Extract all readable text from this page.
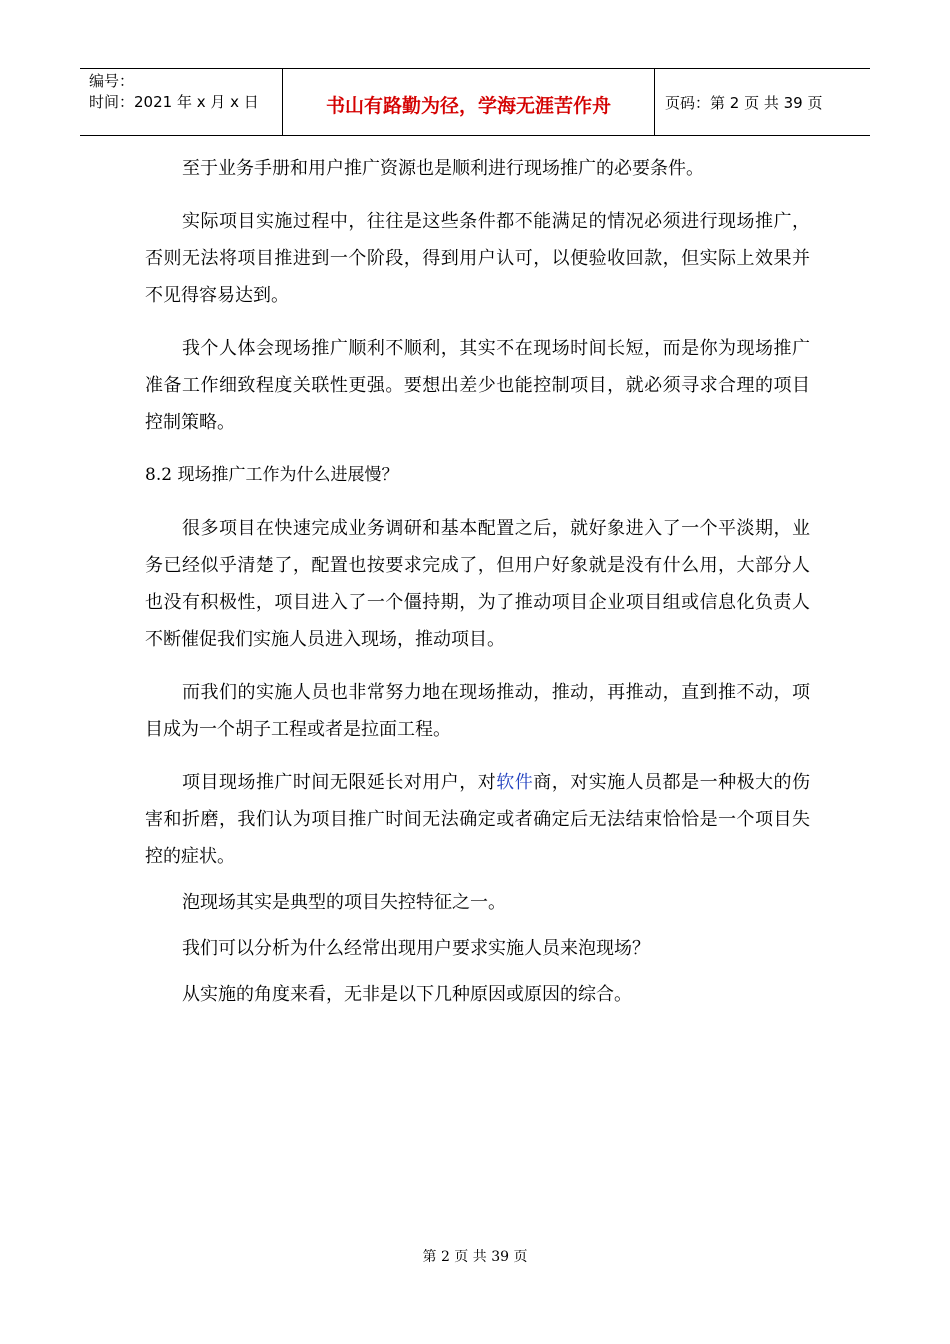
编号：
时间：2021 年 x 月 x 日	书山有路勤为径，学海无涯苦作舟	页码：第 2 页 共 39 页

至于业务手册和用户推广资源也是顺利进行现场推广的必要条件。

实际项目实施过程中，往往是这些条件都不能满足的情况必须进行现场推广，否则无法将项目推进到一个阶段，得到用户认可，以便验收回款，但实际上效果并不见得容易达到。

我个人体会现场推广顺利不顺利，其实不在现场时间长短，而是你为现场推广准备工作细致程度关联性更强。要想出差少也能控制项目，就必须寻求合理的项目控制策略。

8.2 现场推广工作为什么进展慢？

很多项目在快速完成业务调研和基本配置之后，就好象进入了一个平淡期，业务已经似乎清楚了，配置也按要求完成了，但用户好象就是没有什么用，大部分人也没有积极性，项目进入了一个僵持期，为了推动项目企业项目组或信息化负责人不断催促我们实施人员进入现场，推动项目。

而我们的实施人员也非常努力地在现场推动，推动，再推动，直到推不动，项目成为一个胡子工程或者是拉面工程。

项目现场推广时间无限延长对用户，对软件商，对实施人员都是一种极大的伤害和折磨，我们认为项目推广时间无法确定或者确定后无法结束恰恰是一个项目失控的症状。

泡现场其实是典型的项目失控特征之一。

我们可以分析为什么经常出现用户要求实施人员来泡现场？

从实施的角度来看，无非是以下几种原因或原因的综合。

第 2 页 共 39 页
